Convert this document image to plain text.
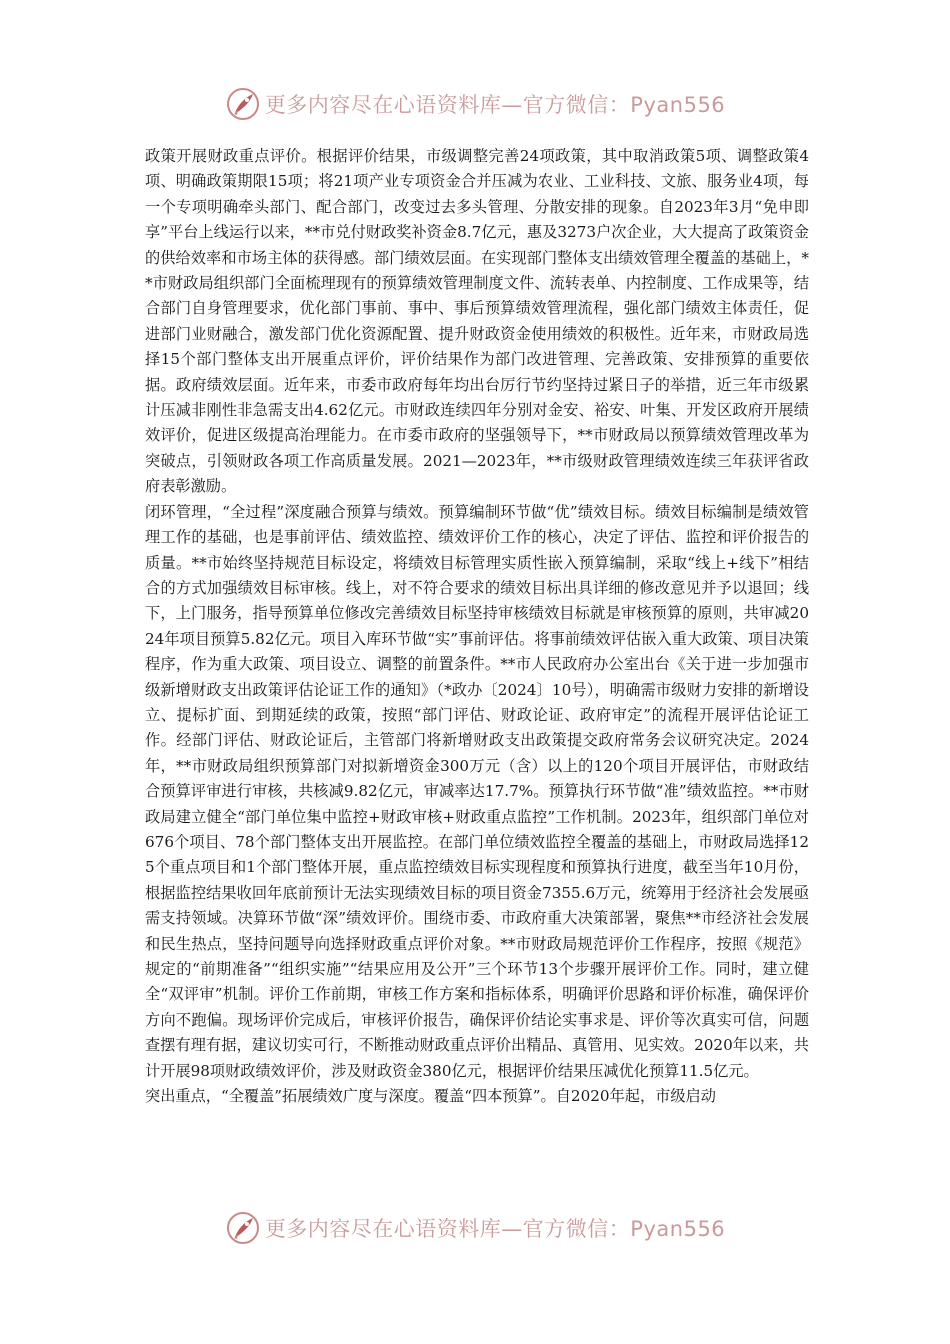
更多内容尽在心语资料库—官方微信：Pyan556

政策开展财政重点评价。根据评价结果，市级调整完善24项政策，其中取消政策5项、调整政策4项、明确政策期限15项；将21项产业专项资金合并压减为农业、工业科技、文旅、服务业4项，每一个专项明确牵头部门、配合部门，改变过去多头管理、分散安排的现象。自2023年3月“免申即享”平台上线运行以来，**市兑付财政奖补资金8.7亿元，惠及3273户次企业，大大提高了政策资金的供给效率和市场主体的获得感。部门绩效层面。在实现部门整体支出绩效管理全覆盖的基础上，**市财政局组织部门全面梳理现有的预算绩效管理制度文件、流转表单、内控制度、工作成果等，结合部门自身管理要求，优化部门事前、事中、事后预算绩效管理流程，强化部门绩效主体责任，促进部门业财融合，激发部门优化资源配置、提升财政资金使用绩效的积极性。近年来，市财政局选择15个部门整体支出开展重点评价，评价结果作为部门改进管理、完善政策、安排预算的重要依据。政府绩效层面。近年来，市委市政府每年均出台厉行节约坚持过紧日子的举措，近三年市级累计压减非刚性非急需支出4.62亿元。市财政连续四年分别对金安、裕安、叶集、开发区政府开展绩效评价，促进区级提高治理能力。在市委市政府的坚强领导下，**市财政局以预算绩效管理改革为突破点，引领财政各项工作高质量发展。2021—2023年，**市级财政管理绩效连续三年获评省政府表彰激励。

闭环管理，“全过程”深度融合预算与绩效。预算编制环节做“优”绩效目标。绩效目标编制是绩效管理工作的基础，也是事前评估、绩效监控、绩效评价工作的核心，决定了评估、监控和评价报告的质量。**市始终坚持规范目标设定，将绩效目标管理实质性嵌入预算编制，采取“线上+线下”相结合的方式加强绩效目标审核。线上，对不符合要求的绩效目标出具详细的修改意见并予以退回；线下，上门服务，指导预算单位修改完善绩效目标坚持审核绩效目标就是审核预算的原则，共审减2024年项目预算5.82亿元。项目入库环节做“实”事前评估。将事前绩效评估嵌入重大政策、项目决策程序，作为重大政策、项目设立、调整的前置条件。**市人民政府办公室出台《关于进一步加强市级新增财政支出政策评估论证工作的通知》（*政办〔2024〕10号），明确需市级财力安排的新增设立、提标扩面、到期延续的政策，按照“部门评估、财政论证、政府审定”的流程开展评估论证工作。经部门评估、财政论证后，主管部门将新增财政支出政策提交政府常务会议研究决定。2024年，**市财政局组织预算部门对拟新增资金300万元（含）以上的120个项目开展评估，市财政结合预算评审进行审核，共核减9.82亿元，审减率达17.7%。预算执行环节做“准”绩效监控。**市财政局建立健全“部门单位集中监控+财政审核+财政重点监控”工作机制。2023年，组织部门单位对676个项目、78个部门整体支出开展监控。在部门单位绩效监控全覆盖的基础上，市财政局选择125个重点项目和1个部门整体开展，重点监控绩效目标实现程度和预算执行进度，截至当年10月份，根据监控结果收回年底前预计无法实现绩效目标的项目资金7355.6万元，统筹用于经济社会发展亟需支持领域。决算环节做“深”绩效评价。围绕市委、市政府重大决策部署，聚焦**市经济社会发展和民生热点，坚持问题导向选择财政重点评价对象。**市财政局规范评价工作程序，按照《规范》规定的“前期准备”“组织实施”“结果应用及公开”三个环节13个步骤开展评价工作。同时，建立健全“双评审”机制。评价工作前期，审核工作方案和指标体系，明确评价思路和评价标准，确保评价方向不跑偏。现场评价完成后，审核评价报告，确保评价结论实事求是、评价等次真实可信，问题查摆有理有据，建议切实可行，不断推动财政重点评价出精品、真管用、见实效。2020年以来，共计开展98项财政绩效评价，涉及财政资金380亿元，根据评价结果压减优化预算11.5亿元。

突出重点，“全覆盖”拓展绩效广度与深度。覆盖“四本预算”。自2020年起，市级启动

更多内容尽在心语资料库—官方微信：Pyan556
